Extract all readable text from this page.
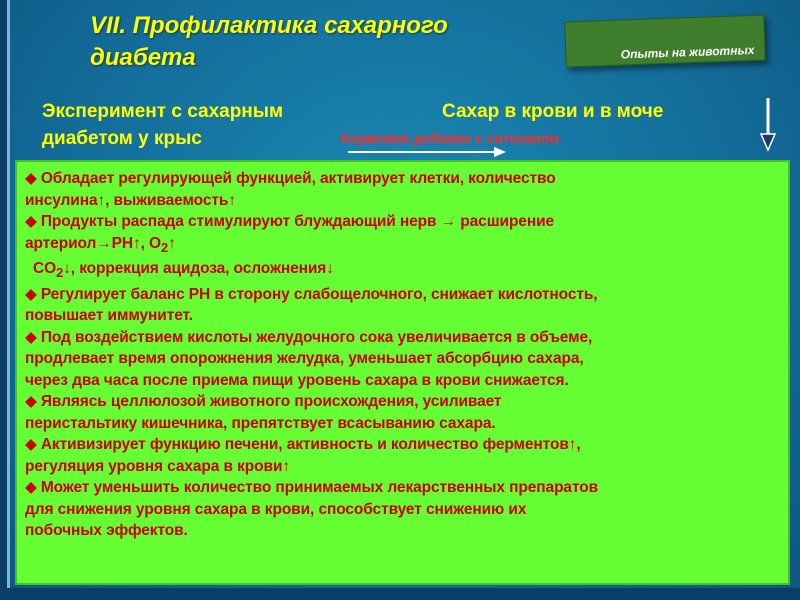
VII. Профилактика сахарного
диабета	Опыты на животных
Эксперимент с сахарным
диабетом у крыс
Сахар в крови и в моче
Кормовая добавка с хитозаном
◆ Обладает регулирующей функцией, активирует клетки, количество
инсулина↑, выживаемость↑
◆ Продукты распада стимулируют блуждающий нерв → расширение
артериол→PH↑, $O_2↑$
$CO_2↓$, коррекция ацидоза, осложнения↓
◆ Регулирует баланс PH в сторону слабощелочного, снижает кислотность,
повышает иммунитет.
◆ Под воздействием кислоты желудочного сока увеличивается в объеме,
продлевает время опорожнения желудка, уменьшает абсорбцию сахара,
через два часа после приема пищи уровень сахара в крови снижается.
◆ Являясь целлюлозой животного происхождения, усиливает
перистальтику кишечника, препятствует всасыванию сахара.
◆ Активизирует функцию печени, активность и количество ферментов↑,
регуляция уровня сахара в крови↑
◆ Может уменьшить количество принимаемых лекарственных препаратов
для снижения уровня сахара в крови, способствует снижению их
побочных эффектов.
